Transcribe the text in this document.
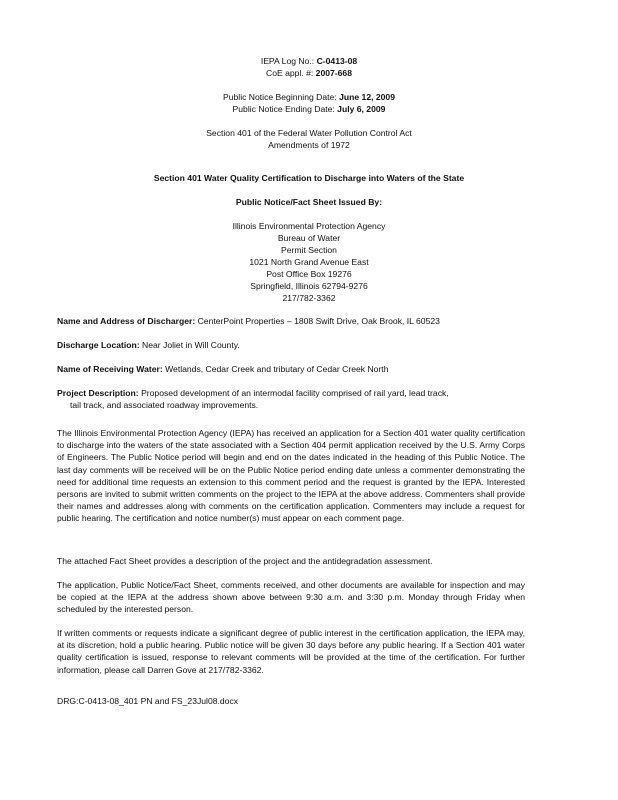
IEPA Log No.: C-0413-08
CoE appl. #: 2007-668
Public Notice Beginning Date: June 12, 2009
Public Notice Ending Date: July 6, 2009
Section 401 of the Federal Water Pollution Control Act
Amendments of 1972
Section 401 Water Quality Certification to Discharge into Waters of the State
Public Notice/Fact Sheet Issued By:
Illinois Environmental Protection Agency
Bureau of Water
Permit Section
1021 North Grand Avenue East
Post Office Box 19276
Springfield, Illinois 62794-9276
217/782-3362
Name and Address of Discharger: CenterPoint Properties – 1808 Swift Drive, Oak Brook, IL 60523
Discharge Location: Near Joliet in Will County.
Name of Receiving Water: Wetlands, Cedar Creek and tributary of Cedar Creek North
Project Description: Proposed development of an intermodal facility comprised of rail yard, lead track,
tail track, and associated roadway improvements.

The Illinois Environmental Protection Agency (IEPA) has received an application for a Section 401 water quality certification to discharge into the waters of the state associated with a Section 404 permit application received by the U.S. Army Corps of Engineers. The Public Notice period will begin and end on the dates indicated in the heading of this Public Notice. The last day comments will be received will be on the Public Notice period ending date unless a commenter demonstrating the need for additional time requests an extension to this comment period and the request is granted by the IEPA. Interested persons are invited to submit written comments on the project to the IEPA at the above address. Commenters shall provide their names and addresses along with comments on the certification application. Commenters may include a request for public hearing. The certification and notice number(s) must appear on each comment page.

The attached Fact Sheet provides a description of the project and the antidegradation assessment.

The application, Public Notice/Fact Sheet, comments received, and other documents are available for inspection and may be copied at the IEPA at the address shown above between 9:30 a.m. and 3:30 p.m. Monday through Friday when scheduled by the interested person.

If written comments or requests indicate a significant degree of public interest in the certification application, the IEPA may, at its discretion, hold a public hearing. Public notice will be given 30 days before any public hearing. If a Section 401 water quality certification is issued, response to relevant comments will be provided at the time of the certification. For further information, please call Darren Gove at 217/782-3362.

DRG:C-0413-08_401 PN and FS_23Jul08.docx
